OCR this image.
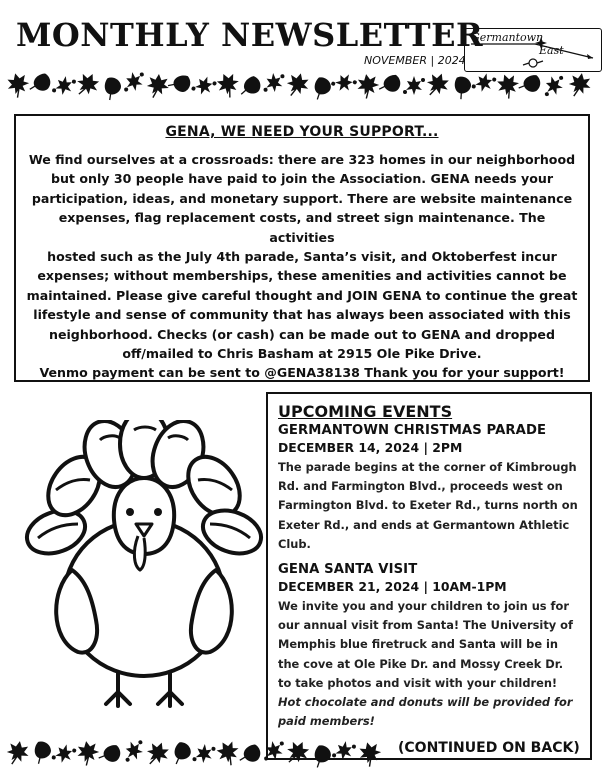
MONTHLY NEWSLETTER
NOVEMBER | 2024
Germantown
East
GENA, WE NEED YOUR SUPPORT...

We find ourselves at a crossroads: there are 323 homes in our neighborhood

but only 30 people have paid to join the Association. GENA needs your

participation, ideas, and monetary support. There are website maintenance

expenses, flag replacement costs, and street sign maintenance. The activities

hosted such as the July 4th parade, Santa’s visit, and Oktoberfest incur

expenses; without memberships, these amenities and activities cannot be

maintained. Please give careful thought and JOIN GENA to continue the great

lifestyle and sense of community that has always been associated with this

neighborhood. Checks (or cash) can be made out to GENA and dropped

off/mailed to Chris Basham at 2915 Ole Pike Drive.

Venmo payment can be sent to @GENA38138 Thank you for your support!

UPCOMING EVENTS
GERMANTOWN CHRISTMAS PARADE
DECEMBER 14, 2024 | 2PM
The parade begins at the corner of Kimbrough Rd. and Farmington Blvd., proceeds west on Farmington Blvd. to Exeter Rd., turns north on Exeter Rd., and ends at Germantown Athletic Club.
GENA SANTA VISIT
DECEMBER 21, 2024 | 10AM-1PM
We invite you and your children to join us for our annual visit from Santa! The University of Memphis blue firetruck and Santa will be in the cove at Ole Pike Dr. and Mossy Creek Dr. to take photos and visit with your children!
Hot chocolate and donuts will be provided for paid members!
(CONTINUED ON BACK)
